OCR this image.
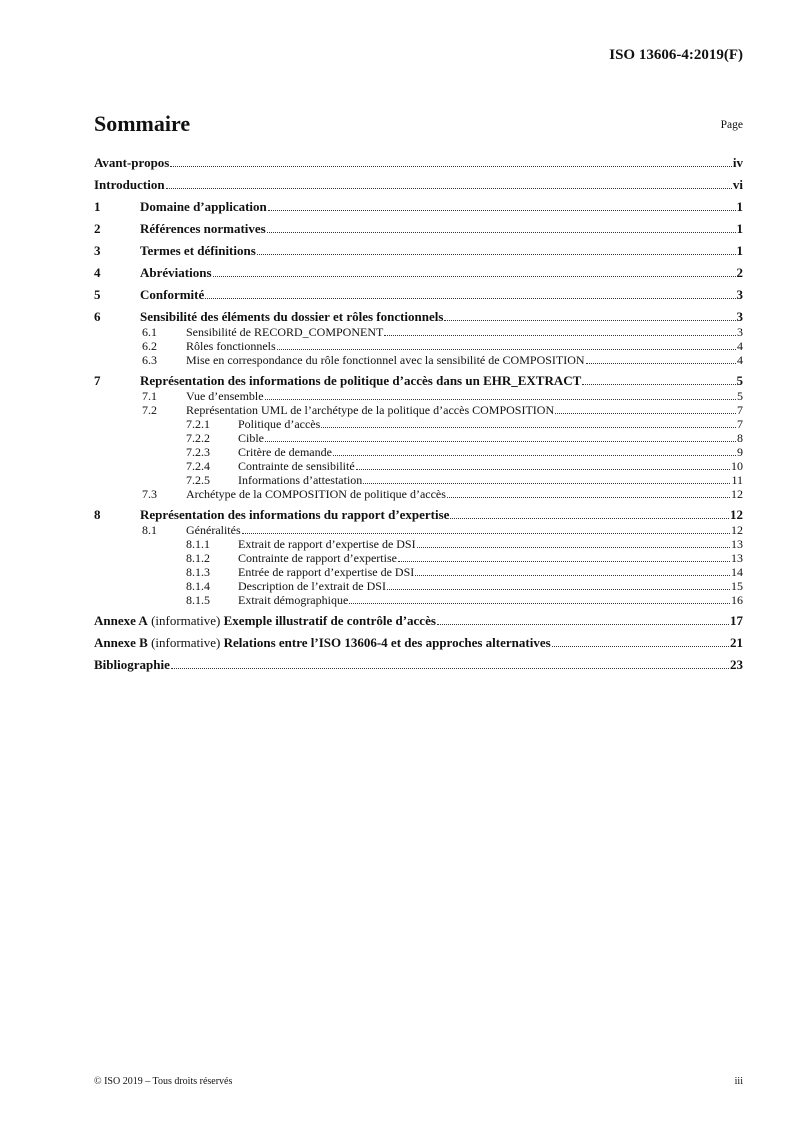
ISO 13606-4:2019(F)
Sommaire	Page
Avant-propos	iv
Introduction	vi
1	Domaine d’application	1
2	Références normatives	1
3	Termes et définitions	1
4	Abréviations	2
5	Conformité	3
6	Sensibilité des éléments du dossier et rôles fonctionnels	3
6.1	Sensibilité de RECORD_COMPONENT	3
6.2	Rôles fonctionnels	4
6.3	Mise en correspondance du rôle fonctionnel avec la sensibilité de COMPOSITION	4
7	Représentation des informations de politique d’accès dans un EHR_EXTRACT	5
7.1	Vue d’ensemble	5
7.2	Représentation UML de l’archétype de la politique d’accès COMPOSITION	7
7.2.1	Politique d’accès	7
7.2.2	Cible	8
7.2.3	Critère de demande	9
7.2.4	Contrainte de sensibilité	10
7.2.5	Informations d’attestation	11
7.3	Archétype de la COMPOSITION de politique d’accès	12
8	Représentation des informations du rapport d’expertise	12
8.1	Généralités	12
8.1.1	Extrait de rapport d’expertise de DSI	13
8.1.2	Contrainte de rapport d’expertise	13
8.1.3	Entrée de rapport d’expertise de DSI	14
8.1.4	Description de l’extrait de DSI	15
8.1.5	Extrait démographique	16
Annexe A (informative) Exemple illustratif de contrôle d’accès	17
Annexe B (informative) Relations entre l’ISO 13606-4 et des approches alternatives	21
Bibliographie	23
© ISO 2019 – Tous droits réservés	iii
